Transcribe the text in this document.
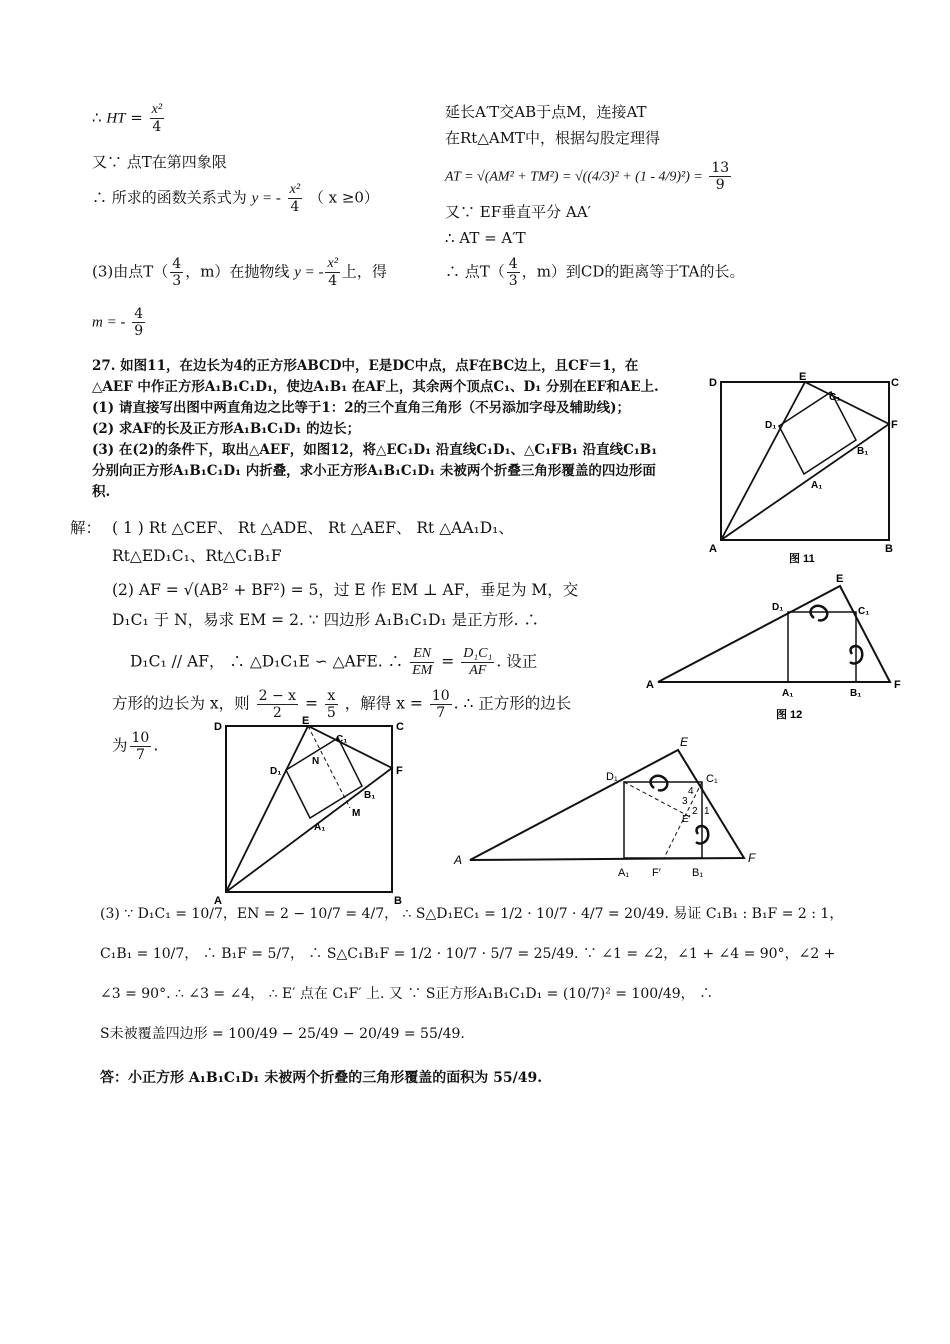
∴ HT = $\frac{\text{x²}}{4}$
又∵ 点T在第四象限
∴ 所求的函数关系式为 y = - $\frac{\text{x²}}{4}$ （ x ≥0）
(3)由点$T( \frac{4}{3}$ ，m）在抛物线 y = - $\frac{\text{x²}}{4}$ 上，得
m = - $\frac{4}{9}$
延长A′T交AB于点M，连接AT
在Rt△AMT中，根据勾股定理得
AT = $√(AM^2 + TM^2) = √((4/3)^2 + (1 - 4/9)^2) = \frac{13}{9}$
又∵ EF垂直平分 AA′
∴ AT = A′T
∴ 点$T( \frac{4}{3}$ ，m）到CD的距离等于TA的长。
27. 如图11，在边长为4的正方形ABCD中，E是DC中点，点F在BC边上，且CF＝1，在
△AEF 中作正方形A₁B₁C₁D₁，使边A₁B₁ 在AF上，其余两个顶点C₁、D₁ 分别在EF和AE上.
(1) 请直接写出图中两直角边之比等于1：2的三个直角三角形（不另添加字母及辅助线)；
(2) 求AF的长及正方形A₁B₁C₁D₁ 的边长；
(3) 在(2)的条件下，取出△AEF，如图12，将△EC₁D₁ 沿直线C₁D₁、△C₁FB₁ 沿直线C₁B₁
分别向正方形A₁B₁C₁D₁ 内折叠，求小正方形A₁B₁C₁D₁ 未被两个折叠三角形覆盖的四边形面
积.
D	E	C
F
A	B
D₁
C₁
B₁
A₁
图 11
解： ( 1 ) Rt △CEF、 Rt △ADE、 Rt △AEF、 Rt △AA₁D₁、
Rt△ED₁C₁、Rt△C₁B₁F
(2) AF = √(AB² + BF²) = 5，过 E 作 EM ⊥ AF，垂足为 M，交
D₁C₁ 于 N，易求 EM = 2. ∵ 四边形 A₁B₁C₁D₁ 是正方形. ∴
D₁C₁ // AF， ∴ △D₁C₁E ∽ △AFE. ∴ $\frac{EN}{EM} = \frac{\text{D₁C₁}}{AF}$ . 设正
方形的边长为 x，则 $\frac{2 - x}{2} = \frac{x}{5}$ ，解得 $x = \frac{10}{7}$ . ∴ 正方形的边长
为 $\frac{10}{7}$ .
A
E
F
D₁	C₁
A₁	B₁
图 12
D	E	C
F
C₁
D₁
N
M
B₁
A₁
A	B
A
E
F
D₁	C₁
A₁	B₁
F′
E′
4
3
2 1
(3) ∵ D₁C₁ = 10/7，EN = 2 − 10/7 = 4/7， ∴ S△D₁EC₁ = 1/2 · 10/7 · 4/7 = 20/49. 易证 C₁B₁ : B₁F = 2 : 1，
C₁B₁ = 10/7， ∴ B₁F = 5/7， ∴ S△C₁B₁F = 1/2 · 10/7 · 5/7 = 25/49. ∵ ∠1 = ∠2，∠1 + ∠4 = 90°，∠2 +
∠3 = 90°. ∴ ∠3 = ∠4， ∴ E′ 点在 C₁F′ 上. 又 ∵ S正方形A₁B₁C₁D₁ = (10/7)² = 100/49， ∴
S未被覆盖四边形 = 100/49 − 25/49 − 20/49 = 55/49.
答：小正方形 A₁B₁C₁D₁ 未被两个折叠的三角形覆盖的面积为 55/49.
